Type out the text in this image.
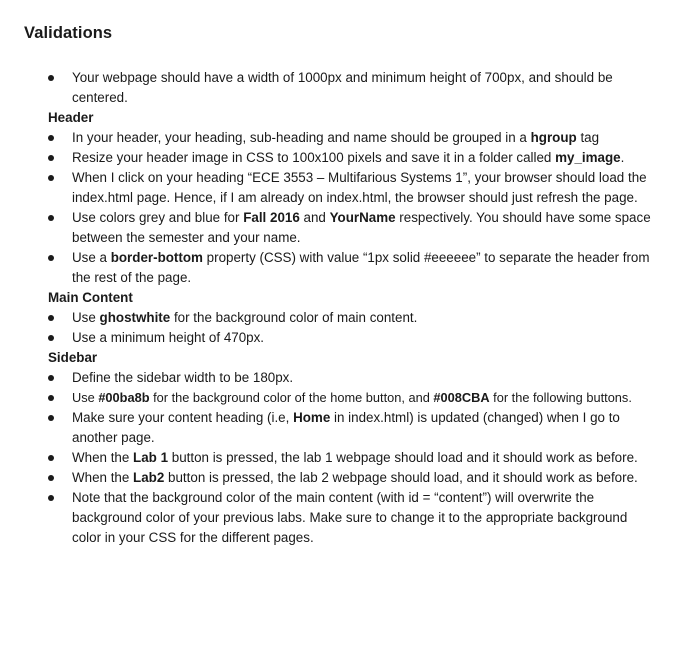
Validations
Your webpage should have a width of 1000px and minimum height of 700px, and should be centered.
Header
In your header, your heading, sub-heading and name should be grouped in a hgroup tag
Resize your header image in CSS to 100x100 pixels and save it in a folder called my_image.
When I click on your heading “ECE 3553 – Multifarious Systems 1”, your browser should load the index.html page. Hence, if I am already on index.html, the browser should just refresh the page.
Use colors grey and blue for Fall 2016 and YourName respectively. You should have some space between the semester and your name.
Use a border-bottom property (CSS) with value “1px solid #eeeeee” to separate the header from the rest of the page.
Main Content
Use ghostwhite for the background color of main content.
Use a minimum height of 470px.
Sidebar
Define the sidebar width to be 180px.
Use #00ba8b for the background color of the home button, and #008CBA for the following buttons.
Make sure your content heading (i.e, Home in index.html) is updated (changed) when I go to another page.
When the Lab 1 button is pressed, the lab 1 webpage should load and it should work as before.
When the Lab2 button is pressed, the lab 2 webpage should load, and it should work as before.
Note that the background color of the main content (with id = “content”) will overwrite the background color of your previous labs. Make sure to change it to the appropriate background color in your CSS for the different pages.
